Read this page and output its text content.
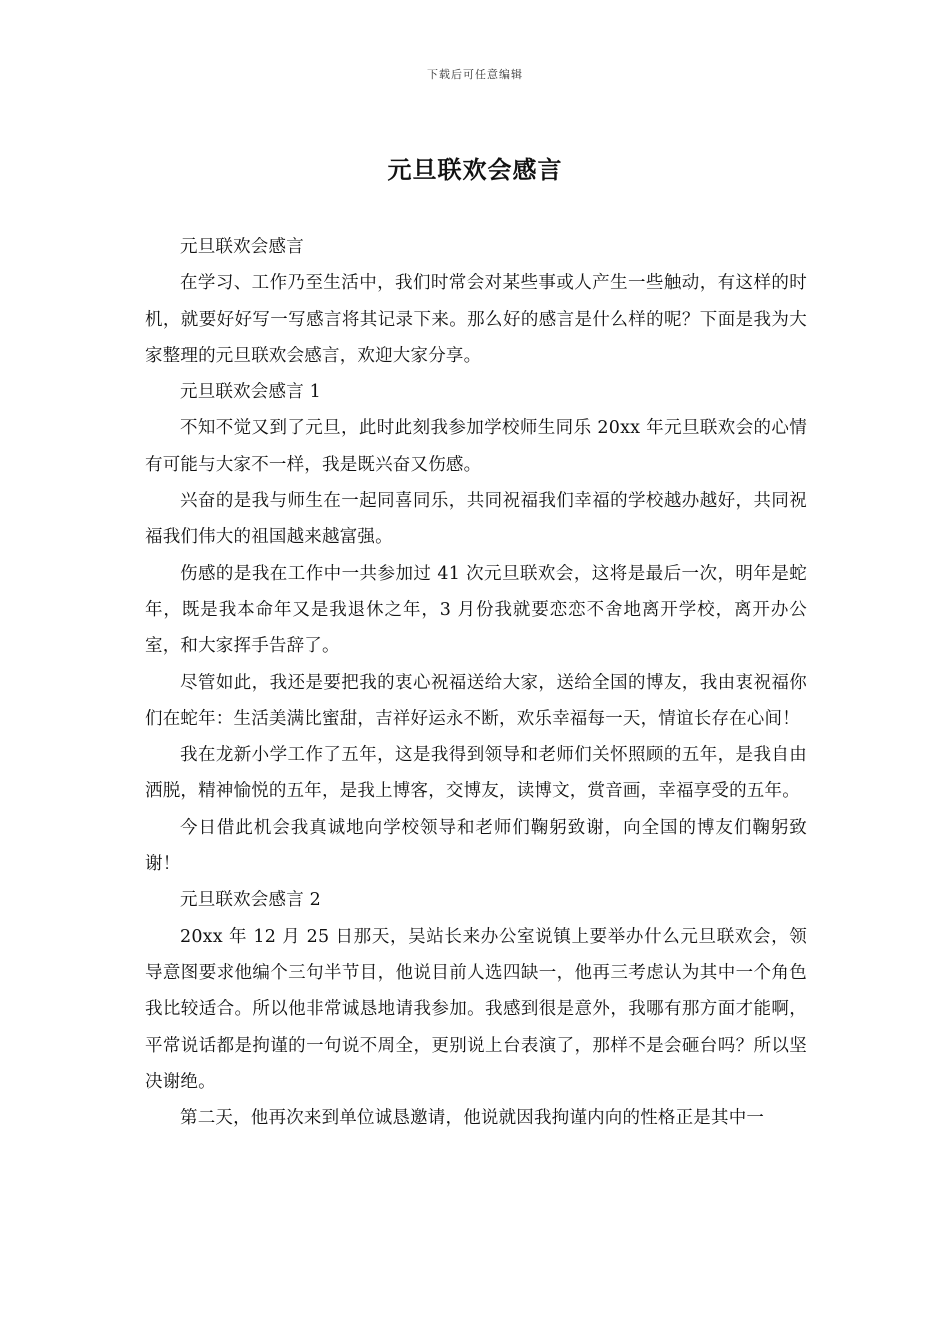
下载后可任意编辑
元旦联欢会感言

元旦联欢会感言

在学习、工作乃至生活中，我们时常会对某些事或人产生一些触动，有这样的时机，就要好好写一写感言将其记录下来。那么好的感言是什么样的呢？下面是我为大家整理的元旦联欢会感言，欢迎大家分享。

元旦联欢会感言 1

不知不觉又到了元旦，此时此刻我参加学校师生同乐 20xx 年元旦联欢会的心情有可能与大家不一样，我是既兴奋又伤感。

兴奋的是我与师生在一起同喜同乐，共同祝福我们幸福的学校越办越好，共同祝福我们伟大的祖国越来越富强。

伤感的是我在工作中一共参加过 41 次元旦联欢会，这将是最后一次，明年是蛇年，既是我本命年又是我退休之年，3 月份我就要恋恋不舍地离开学校，离开办公室，和大家挥手告辞了。

尽管如此，我还是要把我的衷心祝福送给大家，送给全国的博友，我由衷祝福你们在蛇年：生活美满比蜜甜，吉祥好运永不断，欢乐幸福每一天，情谊长存在心间！

我在龙新小学工作了五年，这是我得到领导和老师们关怀照顾的五年，是我自由洒脱，精神愉悦的五年，是我上博客，交博友，读博文，赏音画，幸福享受的五年。

今日借此机会我真诚地向学校领导和老师们鞠躬致谢，向全国的博友们鞠躬致谢！

元旦联欢会感言 2

20xx 年 12 月 25 日那天，吴站长来办公室说镇上要举办什么元旦联欢会，领导意图要求他编个三句半节目，他说目前人选四缺一，他再三考虑认为其中一个角色我比较适合。所以他非常诚恳地请我参加。我感到很是意外，我哪有那方面才能啊，平常说话都是拘谨的一句说不周全，更别说上台表演了，那样不是会砸台吗？所以坚决谢绝。

第二天，他再次来到单位诚恳邀请，他说就因我拘谨内向的性格正是其中一
